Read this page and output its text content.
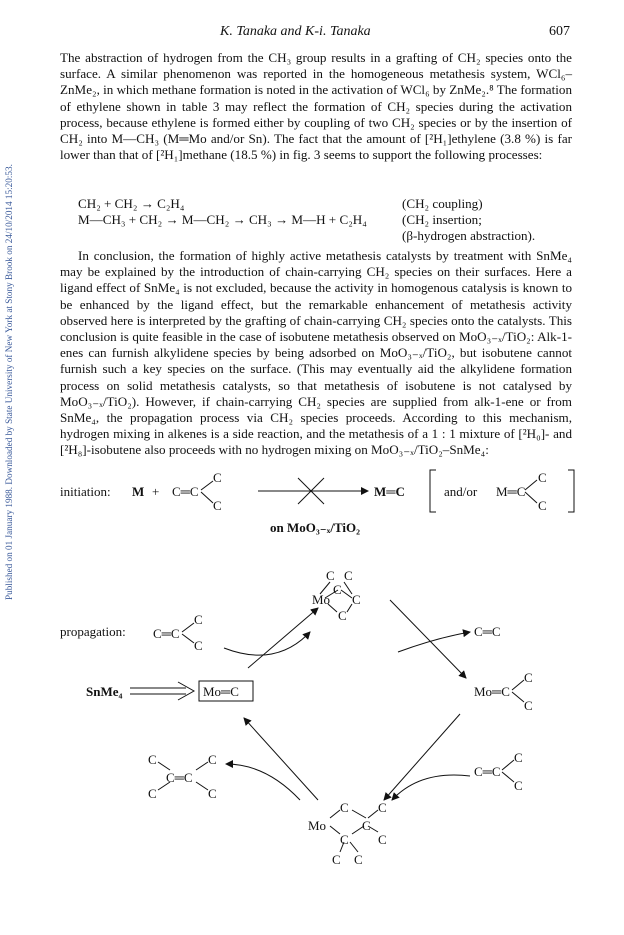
Published on 01 January 1988. Downloaded by State University of New York at Stony Brook on 24/10/2014 15:20:53.
K. Tanaka and K-i. Tanaka	607

The abstraction of hydrogen from the CH₃ group results in a grafting of CH₂ species onto the surface. A similar phenomenon was reported in the homogeneous metathesis system, WCl₆–ZnMe₂, in which methane formation is noted in the activation of WCl₆ by ZnMe₂.⁸ The formation of ethylene shown in table 3 may reflect the formation of CH₂ species during the activation process, because ethylene is formed either by coupling of two CH₂ species or by the insertion of CH₂ into M—CH₃ (M═Mo and/or Sn). The fact that the amount of [²H₁]ethylene (3.8 %) is far lower than that of [²H₁]methane (18.5 %) in fig. 3 seems to support the following processes:

CH₂ + CH₂ → C₂H₄	(CH₂ coupling)
M—CH₃ + CH₂ → M—CH₂ → CH₃ → M—H + C₂H₄	(CH₂ insertion;
(β-hydrogen abstraction).

In conclusion, the formation of highly active metathesis catalysts by treatment with SnMe₄ may be explained by the introduction of chain-carrying CH₂ species on their surfaces. Here a ligand effect of SnMe₄ is not excluded, because the activity in homogenous catalysis is known to be enhanced by the ligand effect, but the remarkable enhancement of metathesis activity observed here is interpreted by the grafting of chain-carrying CH₂ species onto the catalysts. This conclusion is quite feasible in the case of isobutene metathesis observed on MoO₃₋ₓ/TiO₂: Alk-1-enes can furnish alkylidene species by being adsorbed on MoO₃₋ₓ/TiO₂, but isobutene cannot furnish such a key species on the surface. (This may eventually aid the alkylidene formation process on solid metathesis catalysts, so that metathesis of isobutene is not catalysed by MoO₃₋ₓ/TiO₂). However, if chain-carrying CH₂ species are supplied from alk-1-ene or from SnMe₄, the propagation process via CH₂ species proceeds. According to this mechanism, hydrogen mixing in alkenes is a side reaction, and the metathesis of a 1 : 1 mixture of [²H₀]- and [²H₈]-isobutene also proceeds with no hydrogen mixing on MoO₃₋ₓ/TiO₂–SnMe₄:

initiation: M + C═C
C
C
on MoO₃₋ₓ/TiO₂
M═C	and/or M═C
C
C
propagation: C═C
C
C
C C
C
Mo C
C
C═C
SnMe₄	Mo═C	Mo═C
C
C
C═C
C
C
C
C
C═C
C
C
C C
Mo	C
C
C
C C
